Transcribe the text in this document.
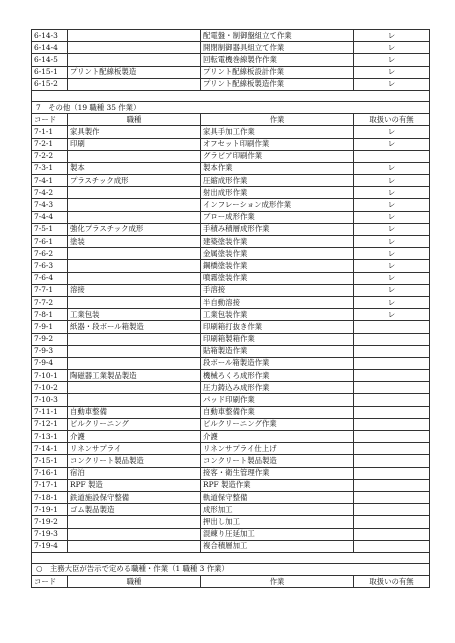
6-14-3		配電盤・制御盤組立て作業	レ
6-14-4		開閉制御器具組立て作業	レ
6-14-5		回転電機巻線製作作業	レ
6-15-1	プリント配線板製造	プリント配線板設計作業	レ
6-15-2		プリント配線板製造作業	レ

7　その他（19 職種 35 作業）			
コード	職種	作業	取扱いの有無
7-1-1	家具製作	家具手加工作業	レ
7-2-1	印刷	オフセット印刷作業	レ
7-2-2		グラビア印刷作業	
7-3-1	製本	製本作業	レ
7-4-1	プラスチック成形	圧縮成形作業	レ
7-4-2		射出成形作業	レ
7-4-3		インフレーション成形作業	レ
7-4-4		ブロー成形作業	レ
7-5-1	強化プラスチック成形	手積み積層成形作業	レ
7-6-1	塗装	建築塗装作業	レ
7-6-2		金属塗装作業	レ
7-6-3		鋼橋塗装作業	レ
7-6-4		噴霧塗装作業	レ
7-7-1	溶接	手溶接	レ
7-7-2		半自動溶接	レ
7-8-1	工業包装	工業包装作業	レ
7-9-1	紙器・段ボール箱製造	印刷箱打抜き作業	
7-9-2		印刷箱製箱作業	
7-9-3		貼箱製造作業	
7-9-4		段ボール箱製造作業	
7-10-1	陶磁器工業製品製造	機械ろくろ成形作業	
7-10-2		圧力鋳込み成形作業	
7-10-3		パッド印刷作業	
7-11-1	自動車整備	自動車整備作業	
7-12-1	ビルクリーニング	ビルクリーニング作業	
7-13-1	介護	介護	
7-14-1	リネンサプライ	リネンサプライ仕上げ	
7-15-1	コンクリート製品製造	コンクリート製品製造	
7-16-1	宿泊	接客・衛生管理作業	
7-17-1	RPF 製造	RPF 製造作業	
7-18-1	鉄道施設保守整備	軌道保守整備	
7-19-1	ゴム製品製造	成形加工	
7-19-2		押出し加工	
7-19-3		混練り圧延加工	
7-19-4		複合積層加工	

○　主務大臣が告示で定める職種・作業（1 職種 3 作業）			
コード	職種	作業	取扱いの有無
